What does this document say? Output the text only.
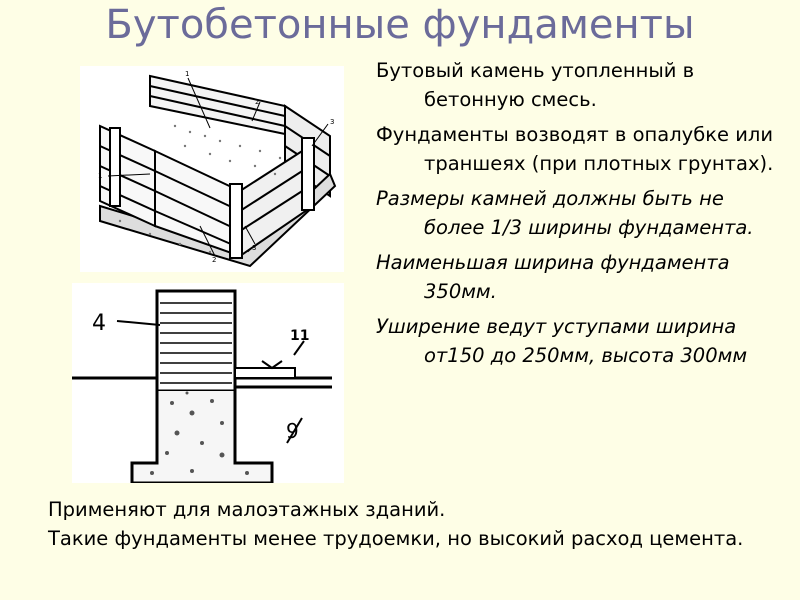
Бутобетонные фундаменты
1
2
3
1
2
3
4	11
9

Бутовый камень утопленный в бетонную смесь.

Фундаменты возводят в опалубке или траншеях (при плотных грунтах).

Размеры камней должны быть не более 1/3 ширины фундамента.

Наименьшая ширина фундамента 350мм.

Уширение ведут уступами ширина от150 до 250мм, высота 300мм

Применяют для малоэтажных зданий.

Такие фундаменты менее трудоемки, но высокий расход цемента.
